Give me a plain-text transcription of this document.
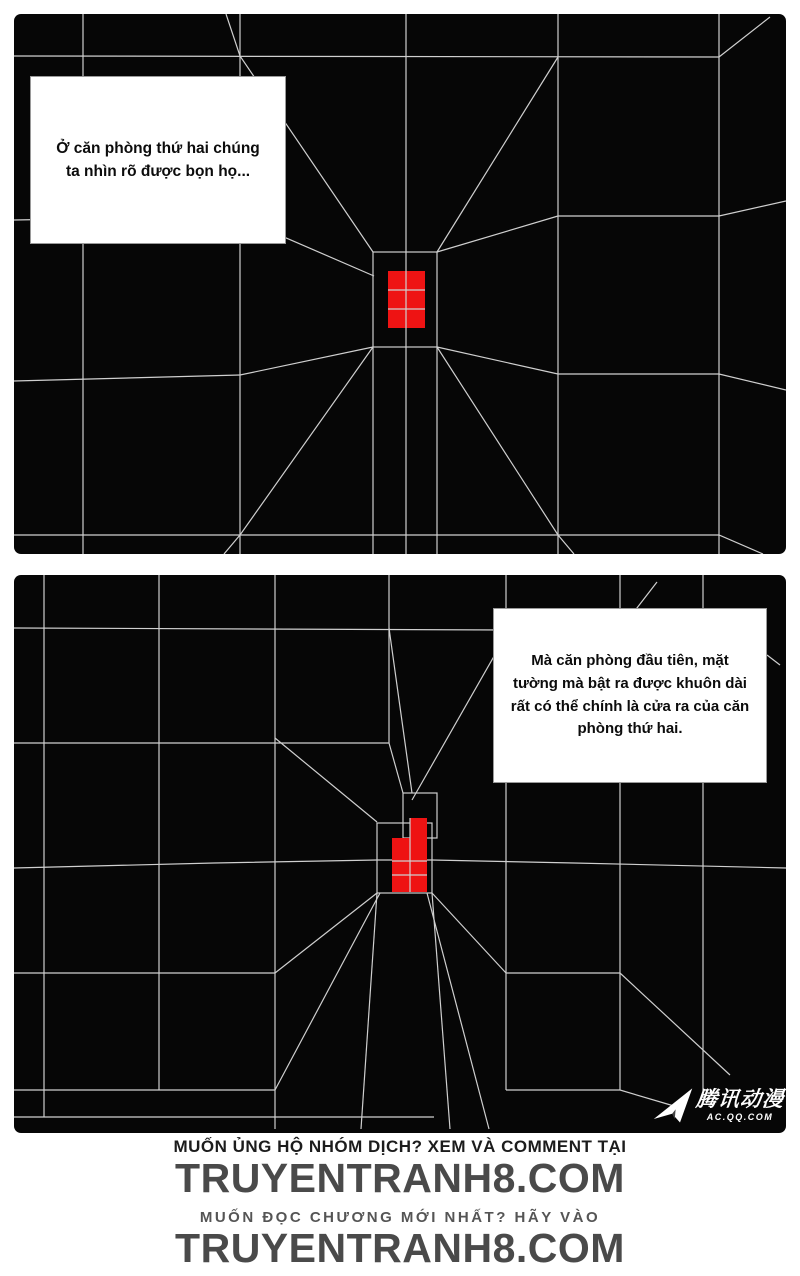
Ở căn phòng thứ hai chúng ta nhìn rõ được bọn họ...
Mà căn phòng đầu tiên, mặt tường mà bật ra được khuôn dài rất có thể chính là cửa ra của căn phòng thứ hai.
腾讯动漫
AC.QQ.COM
MUỐN ỦNG HỘ NHÓM DỊCH? XEM VÀ COMMENT TẠI
TRUYENTRANH8.COM
MUỐN ĐỌC CHƯƠNG MỚI NHẤT? HÃY VÀO
TRUYENTRANH8.COM
